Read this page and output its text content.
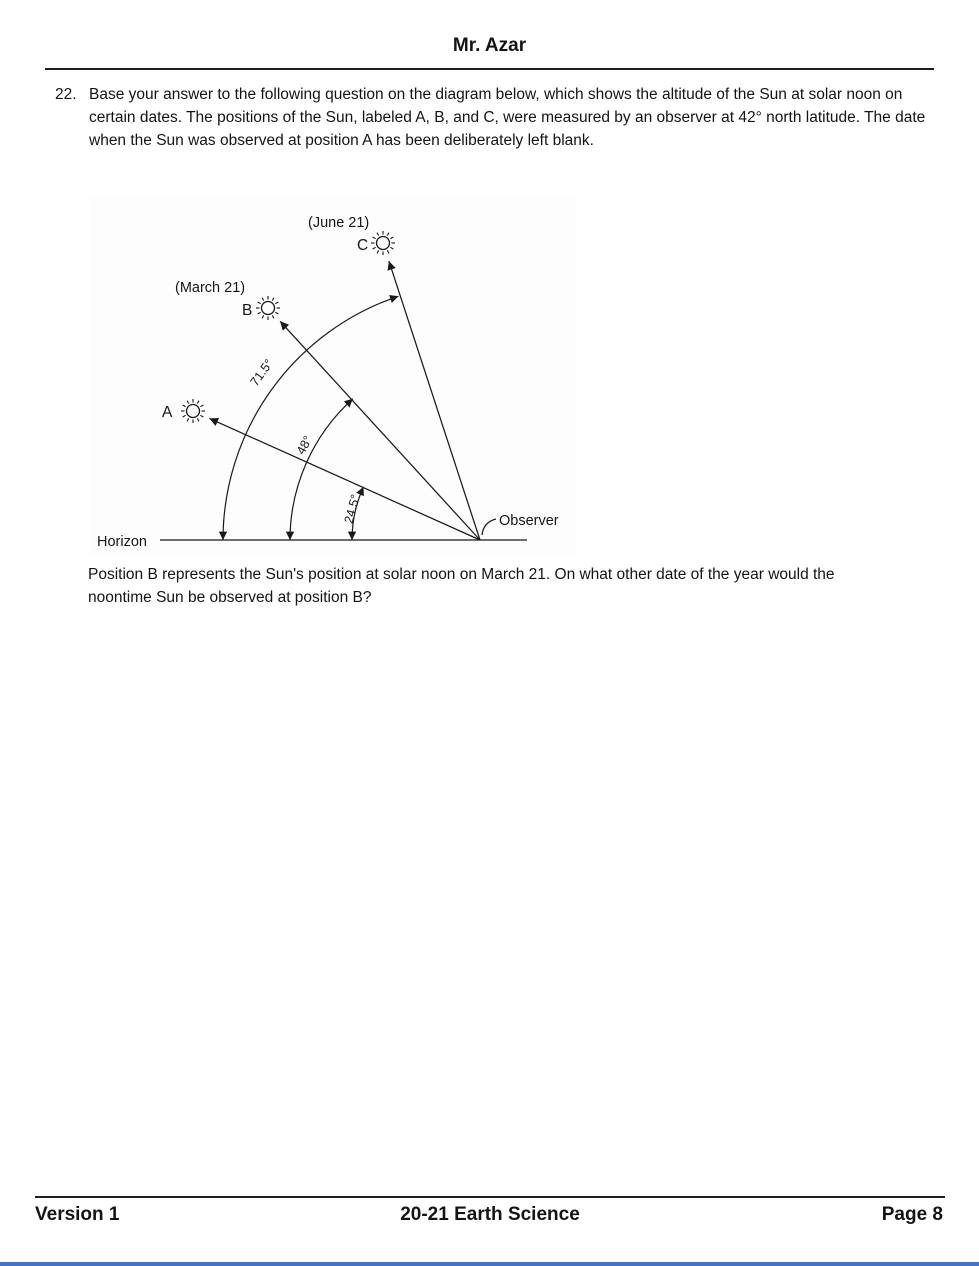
Mr. Azar
22. Base your answer to the following question on the diagram below, which shows the altitude of the Sun at solar noon on certain dates. The positions of the Sun, labeled A, B, and C, were measured by an observer at 42° north latitude. The date when the Sun was observed at position A has been deliberately left blank.
(June 21)
(March 21)
C
B
A
71.5°
48°
24.5°
Horizon
Observer
Position B represents the Sun's position at solar noon on March 21. On what other date of the year would the noontime Sun be observed at position B?
Version 1	20-21 Earth Science	Page 8
